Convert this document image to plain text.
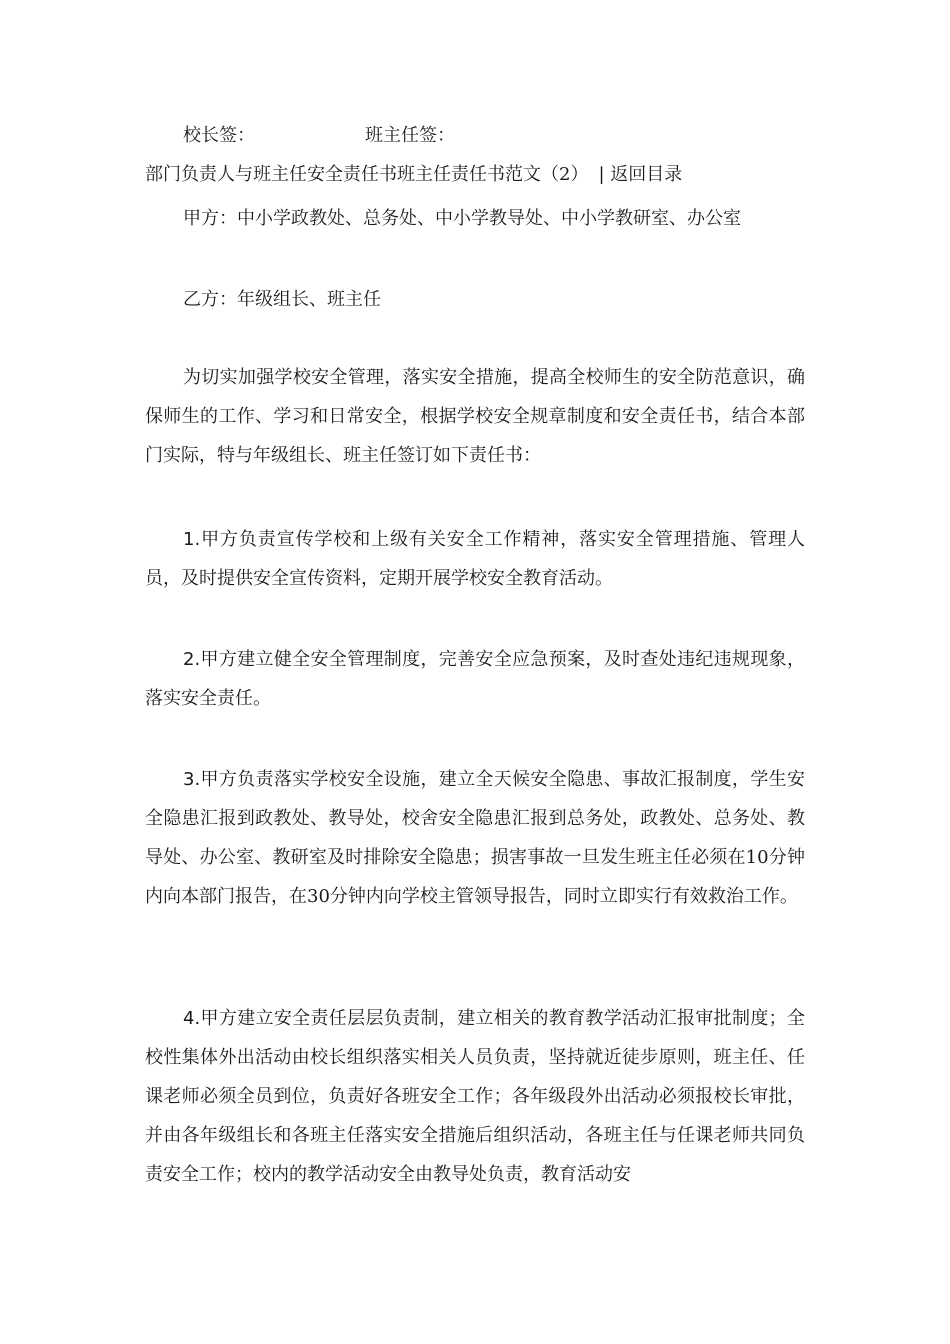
校长签：	班主任签：
部门负责人与班主任安全责任书班主任责任书范文（2） | 返回目录

甲方：中小学政教处、总务处、中小学教导处、中小学教研室、办公室

乙方：年级组长、班主任

为切实加强学校安全管理，落实安全措施，提高全校师生的安全防范意识，确保师生的工作、学习和日常安全，根据学校安全规章制度和安全责任书，结合本部门实际，特与年级组长、班主任签订如下责任书：

1.甲方负责宣传学校和上级有关安全工作精神，落实安全管理措施、管理人员，及时提供安全宣传资料，定期开展学校安全教育活动。

2.甲方建立健全安全管理制度，完善安全应急预案，及时查处违纪违规现象，落实安全责任。

3.甲方负责落实学校安全设施，建立全天候安全隐患、事故汇报制度，学生安全隐患汇报到政教处、教导处，校舍安全隐患汇报到总务处，政教处、总务处、教导处、办公室、教研室及时排除安全隐患；损害事故一旦发生班主任必须在10分钟内向本部门报告，在30分钟内向学校主管领导报告，同时立即实行有效救治工作。

4.甲方建立安全责任层层负责制，建立相关的教育教学活动汇报审批制度；全校性集体外出活动由校长组织落实相关人员负责，坚持就近徒步原则，班主任、任课老师必须全员到位，负责好各班安全工作；各年级段外出活动必须报校长审批，并由各年级组长和各班主任落实安全措施后组织活动，各班主任与任课老师共同负责安全工作；校内的教学活动安全由教导处负责，教育活动安
